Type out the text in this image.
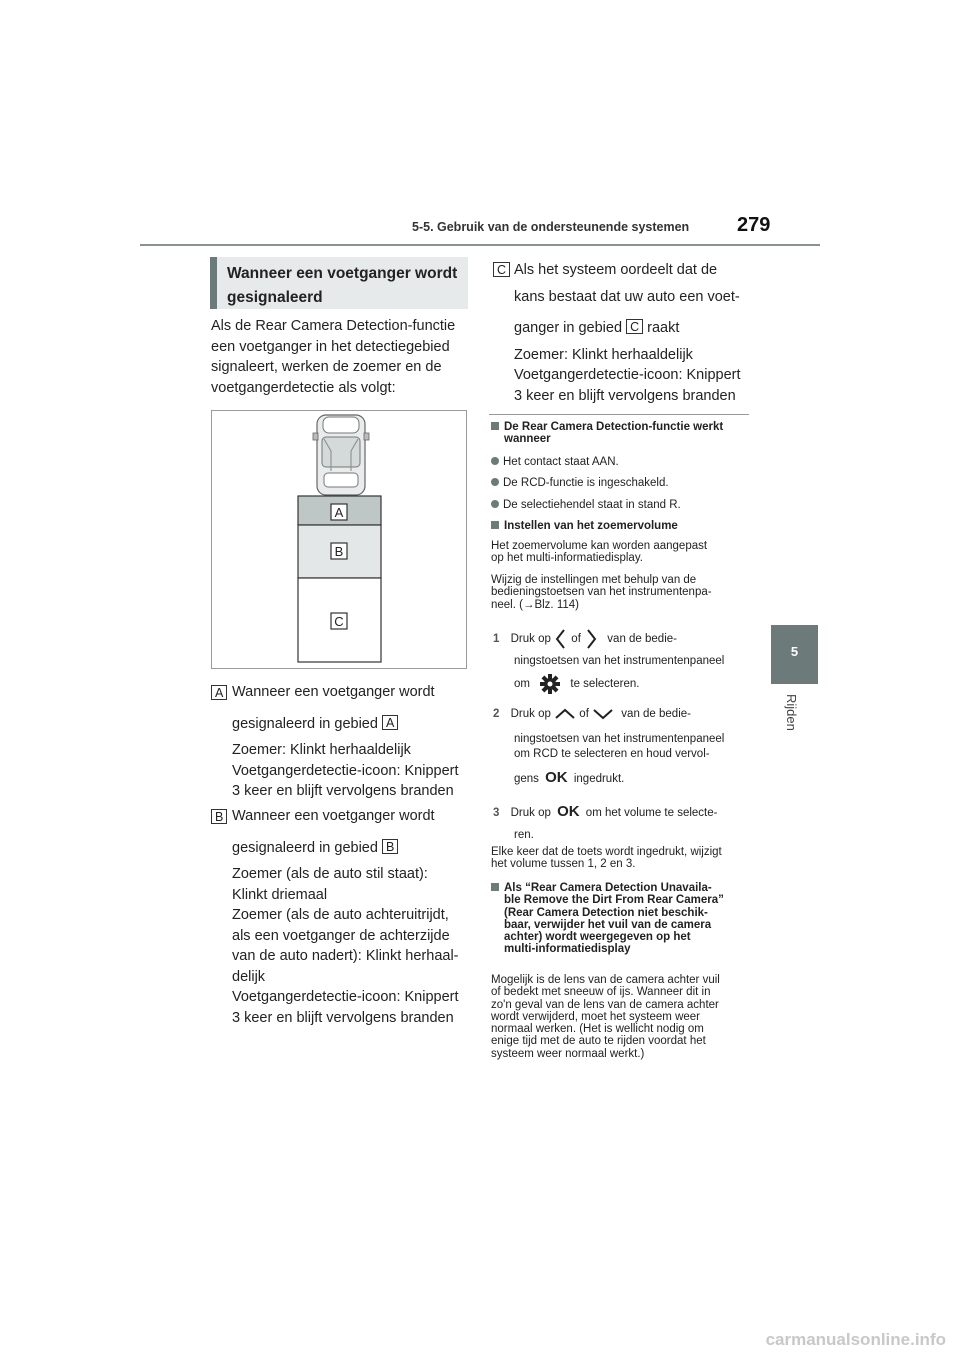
5-5. Gebruik van de ondersteunende systemen 279
5
Rijden
Wanneer een voetganger wordt gesignaleerd
Als de Rear Camera Detection-functie
een voetganger in het detectiegebied
signaleert, werken de zoemer en de
voetgangerdetectie als volgt:
A
B
C
A Wanneer een voetganger wordt
gesignaleerd in gebied A
Zoemer: Klinkt herhaaldelijk
Voetgangerdetectie-icoon: Knippert
3 keer en blijft vervolgens branden
B Wanneer een voetganger wordt
gesignaleerd in gebied B
Zoemer (als de auto stil staat):
Klinkt driemaal
Zoemer (als de auto achteruitrijdt,
als een voetganger de achterzijde
van de auto nadert): Klinkt herhaal-
delijk
Voetgangerdetectie-icoon: Knippert
3 keer en blijft vervolgens branden
C Als het systeem oordeelt dat de
kans bestaat dat uw auto een voet-
ganger in gebied C raakt
Zoemer: Klinkt herhaaldelijk
Voetgangerdetectie-icoon: Knippert
3 keer en blijft vervolgens branden
De Rear Camera Detection-functie werkt
wanneer
Het contact staat AAN.
De RCD-functie is ingeschakeld.
De selectiehendel staat in stand R.
Instellen van het zoemervolume
Het zoemervolume kan worden aangepast
op het multi-informatiedisplay.
Wijzig de instellingen met behulp van de
bedieningstoetsen van het instrumentenpa-
neel. (→Blz. 114)
1 Druk op of van de bedie-
ningstoetsen van het instrumentenpaneel
om	te selecteren.
2 Druk op of	van de bedie-
ningstoetsen van het instrumentenpaneel
om RCD te selecteren en houd vervol-
gens OK ingedrukt.
3 Druk op OK om het volume te selecte-
ren.
Elke keer dat de toets wordt ingedrukt, wijzigt
het volume tussen 1, 2 en 3.
Als “Rear Camera Detection Unavaila-
ble Remove the Dirt From Rear Camera”
(Rear Camera Detection niet beschik-
baar, verwijder het vuil van de camera
achter) wordt weergegeven op het
multi-informatiedisplay
Mogelijk is de lens van de camera achter vuil
of bedekt met sneeuw of ijs. Wanneer dit in
zo'n geval van de lens van de camera achter
wordt verwijderd, moet het systeem weer
normaal werken. (Het is wellicht nodig om
enige tijd met de auto te rijden voordat het
systeem weer normaal werkt.)
carmanualsonline.info
